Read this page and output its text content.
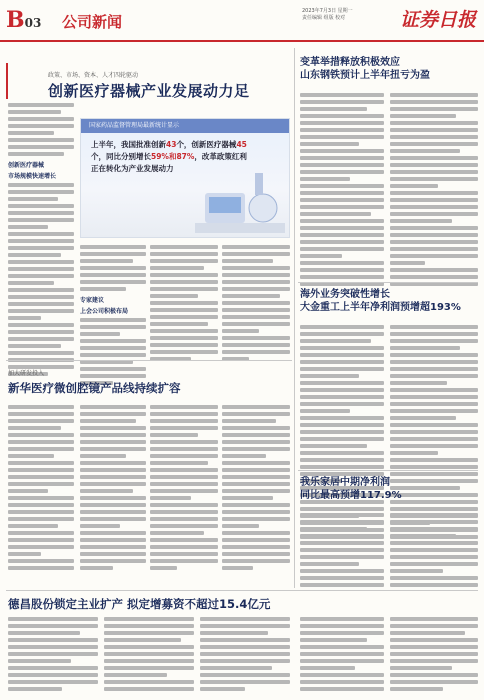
B03 公司新闻
2023年7月3日 星期一
责任编辑 组版 校对	证券日报
政策、市场、资本、人才四轮驱动
创新医疗器械产业发展动力足
国家药品监督管理局最新统计显示
上半年，我国批准创新43个，创新医疗器械45个，同比分别增长59%和87%，改革政策红利正在转化为产业发展动力
创新医疗器械
市场规模快速增长
专家建议
上会公司积极布局
加大研发投入
新华医疗微创腔镜产品线持续扩容
德昌股份锁定主业扩产 拟定增募资不超过15.4亿元
变革举措释放积极效应
山东钢铁预计上半年扭亏为盈
海外业务突破性增长
大金重工上半年净利润预增超193%
我乐家居中期净利润
同比最高预增117.9%
